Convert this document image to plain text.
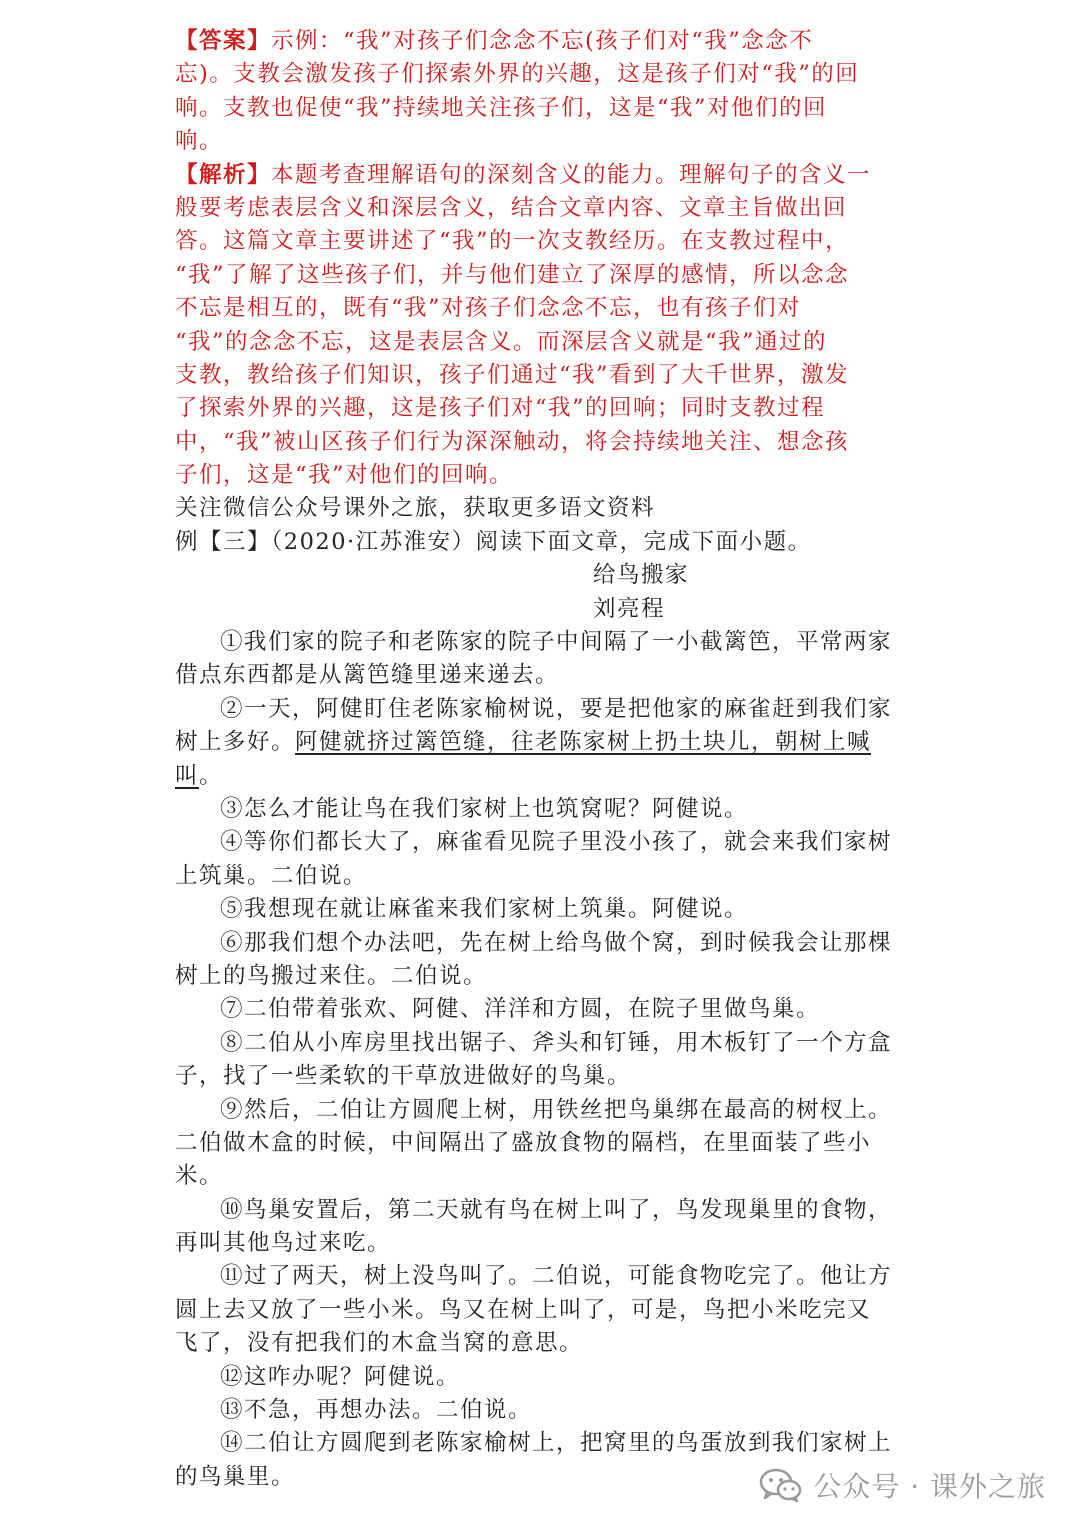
【答案】示例：“我”对孩子们念念不忘(孩子们对“我”念念不
忘)。支教会激发孩子们探索外界的兴趣，这是孩子们对“我”的回
响。支教也促使“我”持续地关注孩子们，这是“我”对他们的回
响。
【解析】本题考查理解语句的深刻含义的能力。理解句子的含义一
般要考虑表层含义和深层含义，结合文章内容、文章主旨做出回
答。这篇文章主要讲述了“我”的一次支教经历。在支教过程中，
“我”了解了这些孩子们，并与他们建立了深厚的感情，所以念念
不忘是相互的，既有“我”对孩子们念念不忘，也有孩子们对
“我”的念念不忘，这是表层含义。而深层含义就是“我”通过的
支教，教给孩子们知识，孩子们通过“我”看到了大千世界，激发
了探索外界的兴趣，这是孩子们对“我”的回响；同时支教过程
中，“我”被山区孩子们行为深深触动，将会持续地关注、想念孩
子们，这是“我”对他们的回响。
关注微信公众号课外之旅，获取更多语文资料
例【三】（2020·江苏淮安）阅读下面文章，完成下面小题。
给鸟搬家
刘亮程
①我们家的院子和老陈家的院子中间隔了一小截篱笆，平常两家
借点东西都是从篱笆缝里递来递去。
②一天，阿健盯住老陈家榆树说，要是把他家的麻雀赶到我们家
树上多好。阿健就挤过篱笆缝，往老陈家树上扔土块儿，朝树上喊
叫。
③怎么才能让鸟在我们家树上也筑窝呢？阿健说。
④等你们都长大了，麻雀看见院子里没小孩了，就会来我们家树
上筑巢。二伯说。
⑤我想现在就让麻雀来我们家树上筑巢。阿健说。
⑥那我们想个办法吧，先在树上给鸟做个窝，到时候我会让那棵
树上的鸟搬过来住。二伯说。
⑦二伯带着张欢、阿健、洋洋和方圆，在院子里做鸟巢。
⑧二伯从小库房里找出锯子、斧头和钉锤，用木板钉了一个方盒
子，找了一些柔软的干草放进做好的鸟巢。
⑨然后，二伯让方圆爬上树，用铁丝把鸟巢绑在最高的树杈上。
二伯做木盒的时候，中间隔出了盛放食物的隔档，在里面装了些小
米。
⑩鸟巢安置后，第二天就有鸟在树上叫了，鸟发现巢里的食物，
再叫其他鸟过来吃。
⑪过了两天，树上没鸟叫了。二伯说，可能食物吃完了。他让方
圆上去又放了一些小米。鸟又在树上叫了，可是，鸟把小米吃完又
飞了，没有把我们的木盒当窝的意思。
⑫这咋办呢？阿健说。
⑬不急，再想办法。二伯说。
⑭二伯让方圆爬到老陈家榆树上，把窝里的鸟蛋放到我们家树上
的鸟巢里。	公众号 · 课外之旅
